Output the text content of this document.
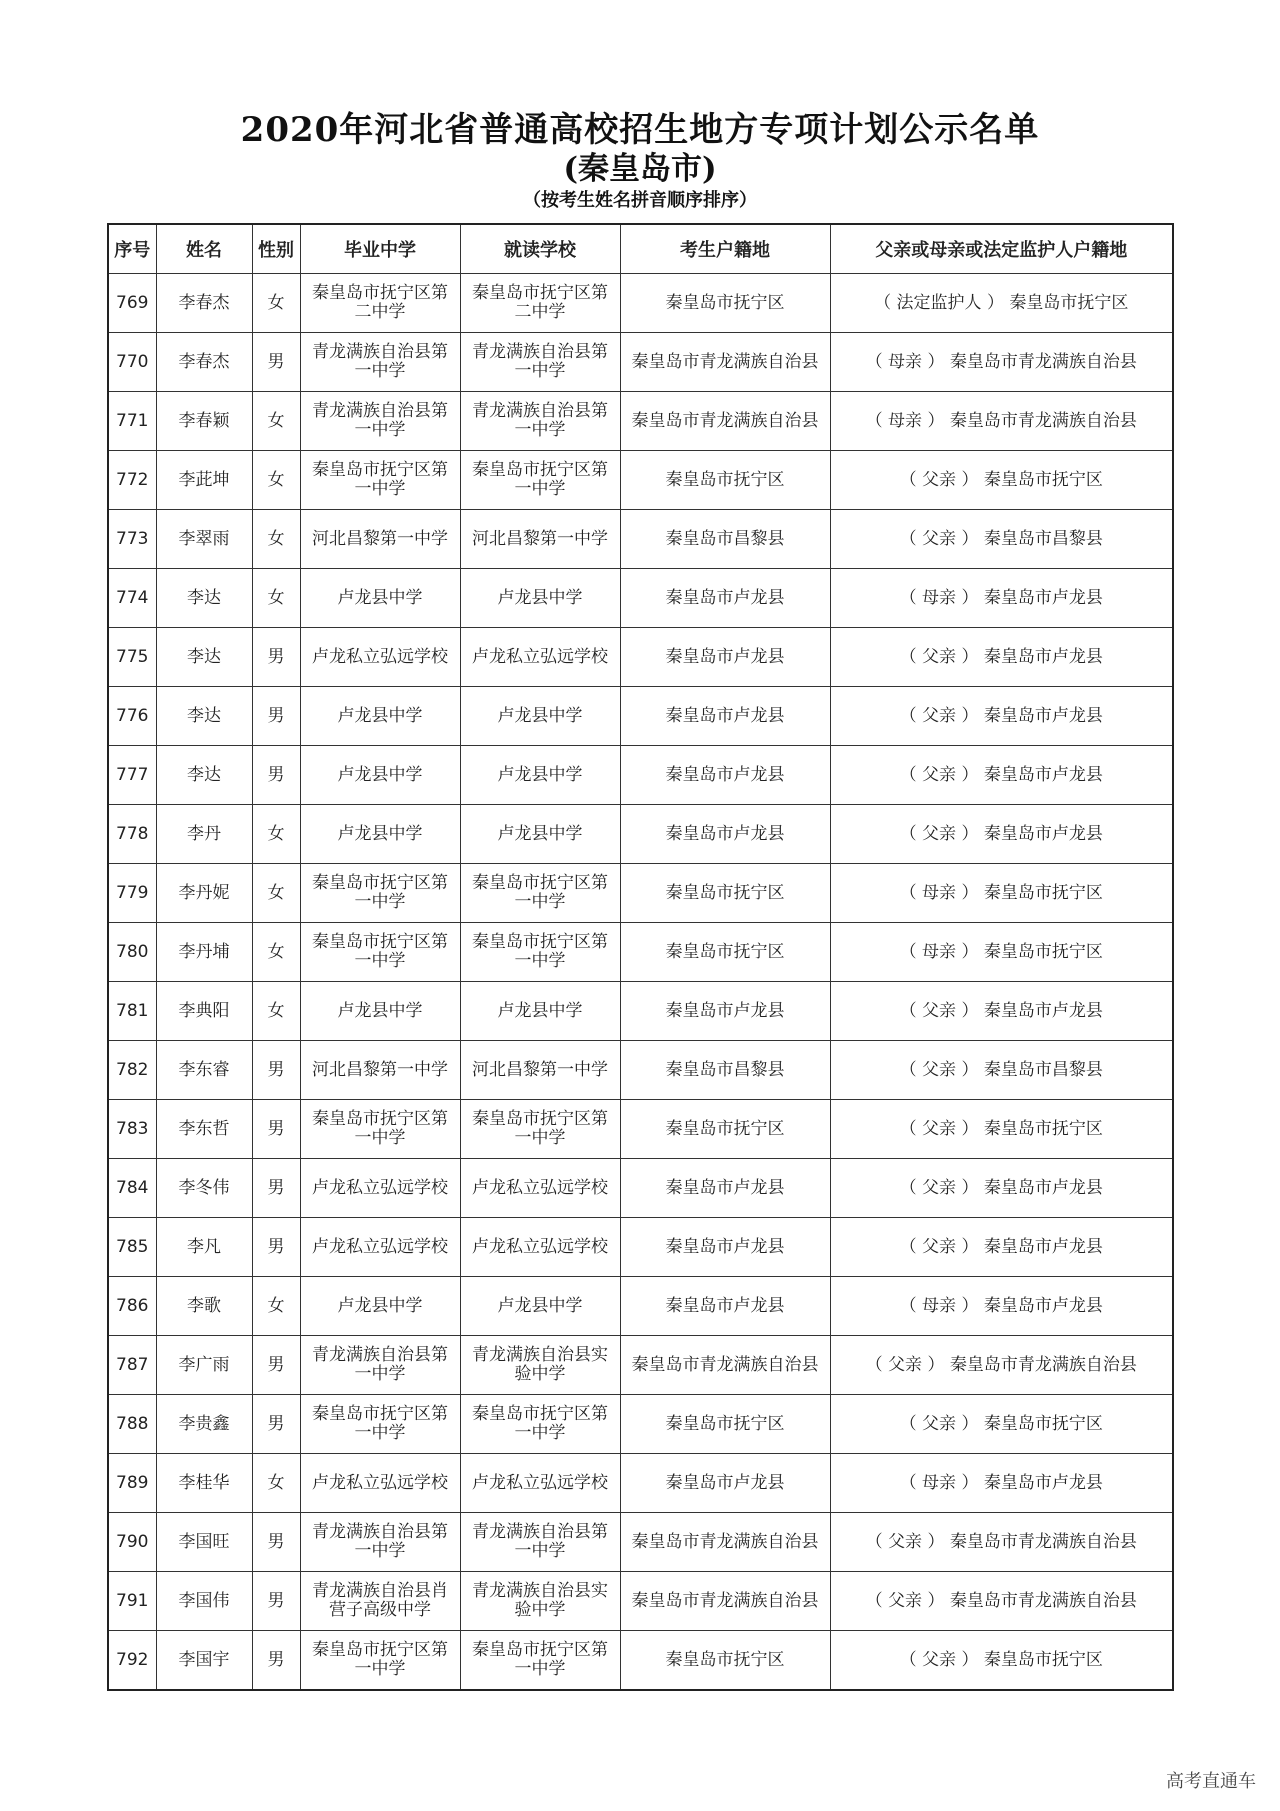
2020年河北省普通高校招生地方专项计划公示名单
(秦皇岛市)
（按考生姓名拼音顺序排序）
序号	姓名	性别	毕业中学	就读学校	考生户籍地	父亲或母亲或法定监护人户籍地
769	李春杰	女	秦皇岛市抚宁区第二中学	秦皇岛市抚宁区第二中学	秦皇岛市抚宁区	（ 法定监护人 ） 秦皇岛市抚宁区
770	李春杰	男	青龙满族自治县第一中学	青龙满族自治县第一中学	秦皇岛市青龙满族自治县	（ 母亲 ） 秦皇岛市青龙满族自治县
771	李春颖	女	青龙满族自治县第一中学	青龙满族自治县第一中学	秦皇岛市青龙满族自治县	（ 母亲 ） 秦皇岛市青龙满族自治县
772	李茈坤	女	秦皇岛市抚宁区第一中学	秦皇岛市抚宁区第一中学	秦皇岛市抚宁区	（ 父亲 ） 秦皇岛市抚宁区
773	李翠雨	女	河北昌黎第一中学	河北昌黎第一中学	秦皇岛市昌黎县	（ 父亲 ） 秦皇岛市昌黎县
774	李达	女	卢龙县中学	卢龙县中学	秦皇岛市卢龙县	（ 母亲 ） 秦皇岛市卢龙县
775	李达	男	卢龙私立弘远学校	卢龙私立弘远学校	秦皇岛市卢龙县	（ 父亲 ） 秦皇岛市卢龙县
776	李达	男	卢龙县中学	卢龙县中学	秦皇岛市卢龙县	（ 父亲 ） 秦皇岛市卢龙县
777	李达	男	卢龙县中学	卢龙县中学	秦皇岛市卢龙县	（ 父亲 ） 秦皇岛市卢龙县
778	李丹	女	卢龙县中学	卢龙县中学	秦皇岛市卢龙县	（ 父亲 ） 秦皇岛市卢龙县
779	李丹妮	女	秦皇岛市抚宁区第一中学	秦皇岛市抚宁区第一中学	秦皇岛市抚宁区	（ 母亲 ） 秦皇岛市抚宁区
780	李丹埔	女	秦皇岛市抚宁区第一中学	秦皇岛市抚宁区第一中学	秦皇岛市抚宁区	（ 母亲 ） 秦皇岛市抚宁区
781	李典阳	女	卢龙县中学	卢龙县中学	秦皇岛市卢龙县	（ 父亲 ） 秦皇岛市卢龙县
782	李东睿	男	河北昌黎第一中学	河北昌黎第一中学	秦皇岛市昌黎县	（ 父亲 ） 秦皇岛市昌黎县
783	李东哲	男	秦皇岛市抚宁区第一中学	秦皇岛市抚宁区第一中学	秦皇岛市抚宁区	（ 父亲 ） 秦皇岛市抚宁区
784	李冬伟	男	卢龙私立弘远学校	卢龙私立弘远学校	秦皇岛市卢龙县	（ 父亲 ） 秦皇岛市卢龙县
785	李凡	男	卢龙私立弘远学校	卢龙私立弘远学校	秦皇岛市卢龙县	（ 父亲 ） 秦皇岛市卢龙县
786	李歌	女	卢龙县中学	卢龙县中学	秦皇岛市卢龙县	（ 母亲 ） 秦皇岛市卢龙县
787	李广雨	男	青龙满族自治县第一中学	青龙满族自治县实验中学	秦皇岛市青龙满族自治县	（ 父亲 ） 秦皇岛市青龙满族自治县
788	李贵鑫	男	秦皇岛市抚宁区第一中学	秦皇岛市抚宁区第一中学	秦皇岛市抚宁区	（ 父亲 ） 秦皇岛市抚宁区
789	李桂华	女	卢龙私立弘远学校	卢龙私立弘远学校	秦皇岛市卢龙县	（ 母亲 ） 秦皇岛市卢龙县
790	李国旺	男	青龙满族自治县第一中学	青龙满族自治县第一中学	秦皇岛市青龙满族自治县	（ 父亲 ） 秦皇岛市青龙满族自治县
791	李国伟	男	青龙满族自治县肖营子高级中学	青龙满族自治县实验中学	秦皇岛市青龙满族自治县	（ 父亲 ） 秦皇岛市青龙满族自治县
792	李国宇	男	秦皇岛市抚宁区第一中学	秦皇岛市抚宁区第一中学	秦皇岛市抚宁区	（ 父亲 ） 秦皇岛市抚宁区
高考直通车
